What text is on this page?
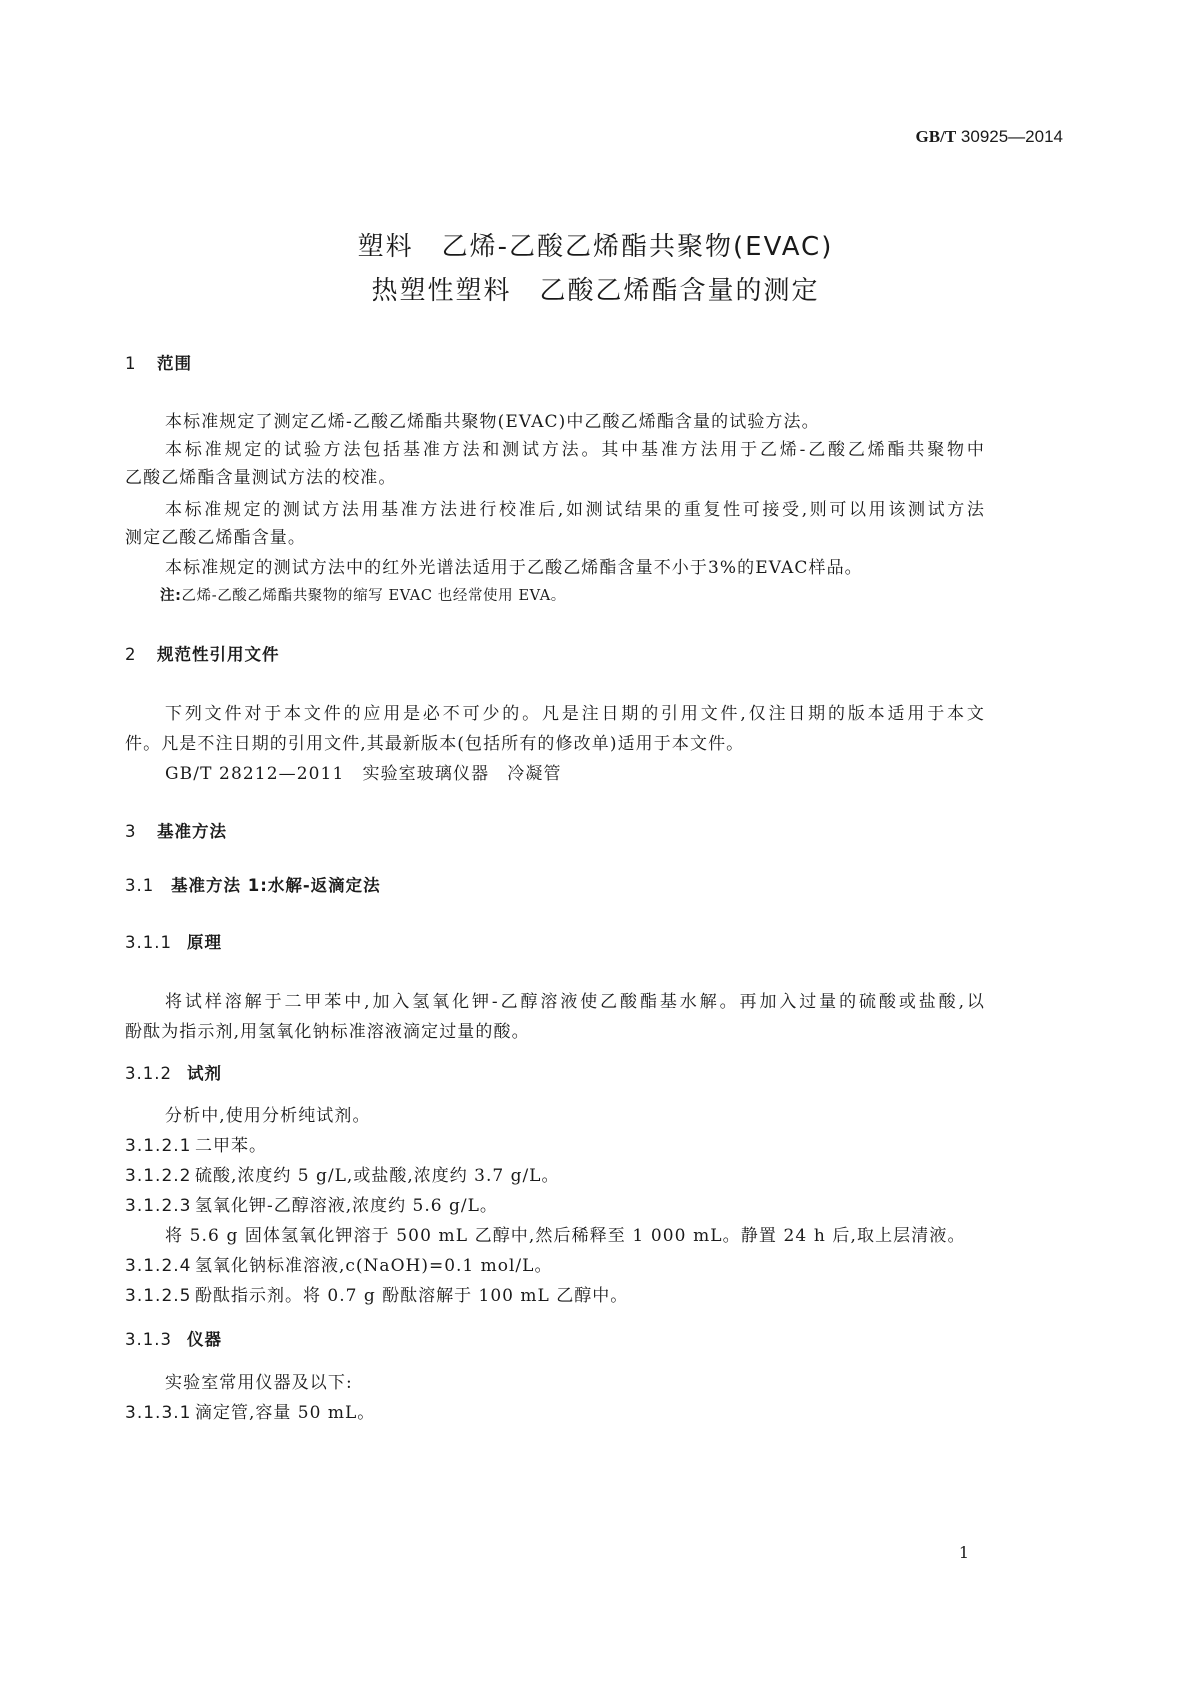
GB/T 30925—2014
塑料　乙烯-乙酸乙烯酯共聚物(EVAC)
热塑性塑料　乙酸乙烯酯含量的测定
1 范围
本标准规定了测定乙烯-乙酸乙烯酯共聚物(EVAC)中乙酸乙烯酯含量的试验方法。
本标准规定的试验方法包括基准方法和测试方法。其中基准方法用于乙烯-乙酸乙烯酯共聚物中
乙酸乙烯酯含量测试方法的校准。
本标准规定的测试方法用基准方法进行校准后,如测试结果的重复性可接受,则可以用该测试方法
测定乙酸乙烯酯含量。
本标准规定的测试方法中的红外光谱法适用于乙酸乙烯酯含量不小于3%的EVAC样品。
注:乙烯-乙酸乙烯酯共聚物的缩写 EVAC 也经常使用 EVA。
2 规范性引用文件
下列文件对于本文件的应用是必不可少的。凡是注日期的引用文件,仅注日期的版本适用于本文
件。凡是不注日期的引用文件,其最新版本(包括所有的修改单)适用于本文件。
GB/T 28212—2011　实验室玻璃仪器　冷凝管
3 基准方法
3.1 基准方法 1:水解-返滴定法
3.1.1 原理
将试样溶解于二甲苯中,加入氢氧化钾-乙醇溶液使乙酸酯基水解。再加入过量的硫酸或盐酸,以
酚酞为指示剂,用氢氧化钠标准溶液滴定过量的酸。
3.1.2 试剂
分析中,使用分析纯试剂。
3.1.2.1 二甲苯。
3.1.2.2 硫酸,浓度约 5 g/L,或盐酸,浓度约 3.7 g/L。
3.1.2.3 氢氧化钾-乙醇溶液,浓度约 5.6 g/L。
将 5.6 g 固体氢氧化钾溶于 500 mL 乙醇中,然后稀释至 1 000 mL。静置 24 h 后,取上层清液。
3.1.2.4 氢氧化钠标准溶液,c(NaOH)=0.1 mol/L。
3.1.2.5 酚酞指示剂。将 0.7 g 酚酞溶解于 100 mL 乙醇中。
3.1.3 仪器
实验室常用仪器及以下:
3.1.3.1 滴定管,容量 50 mL。
1
